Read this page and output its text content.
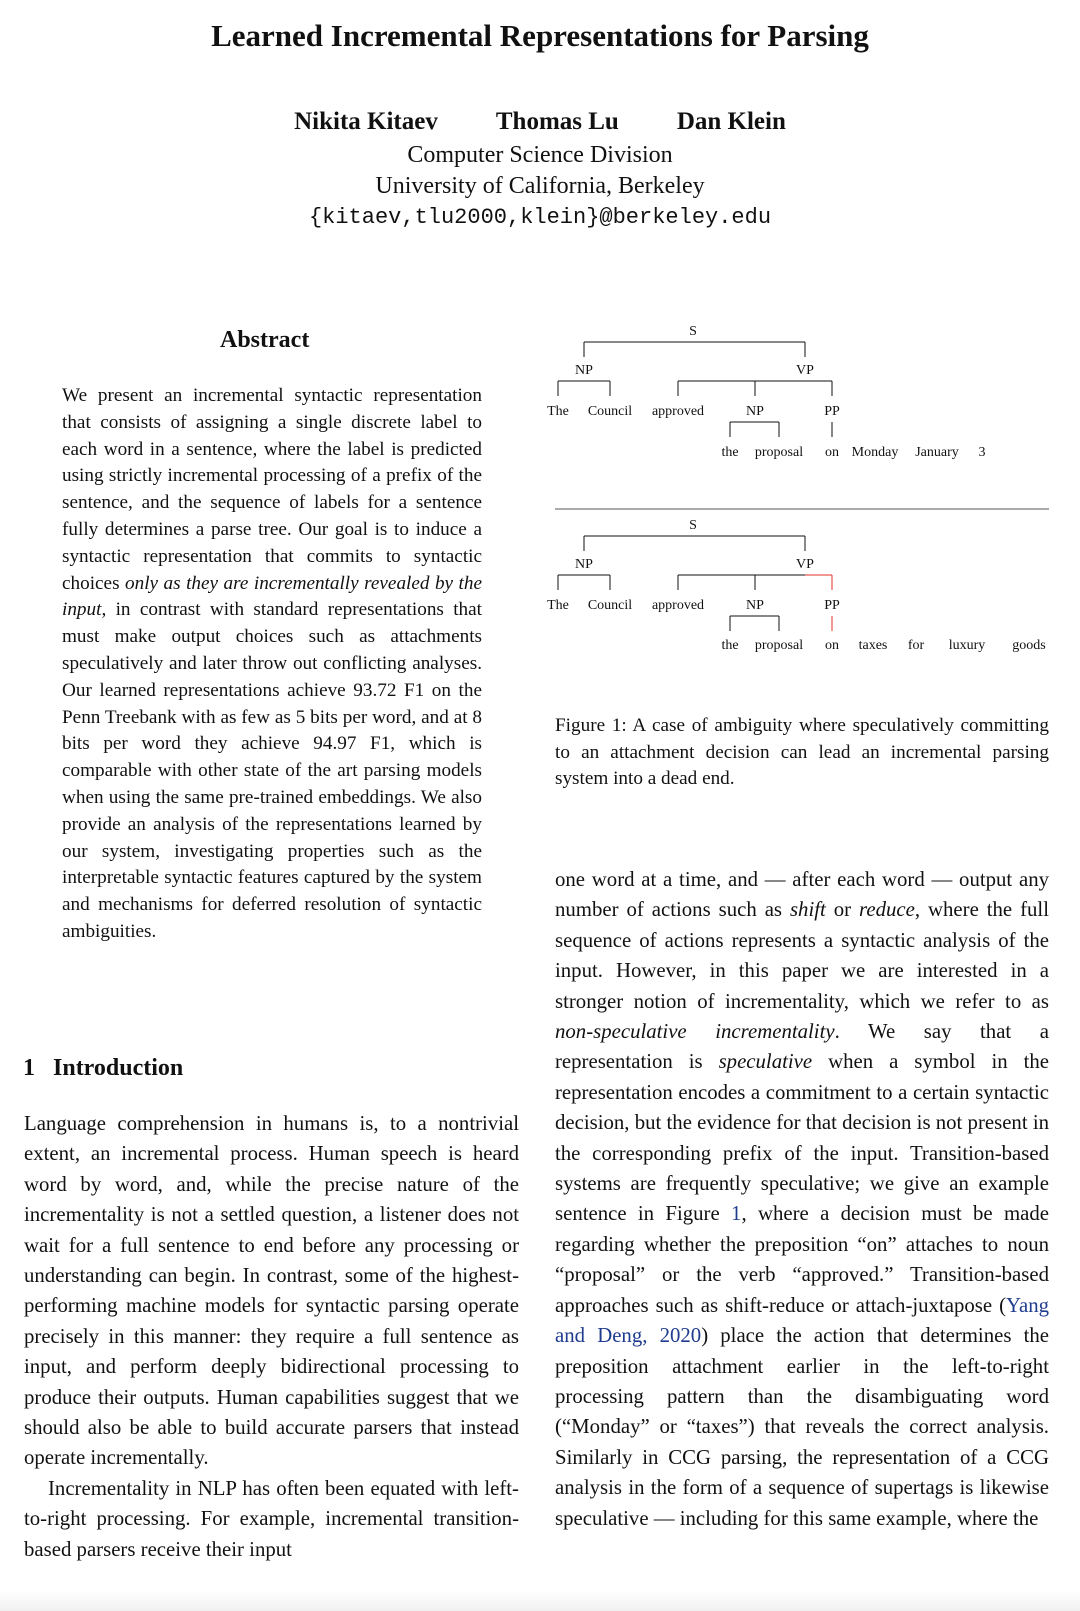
Learned Incremental Representations for Parsing
Nikita Kitaev Thomas Lu Dan Klein
Computer Science Division
University of California, Berkeley
{kitaev,tlu2000,klein}@berkeley.edu
Abstract

We present an incremental syntactic representation that consists of assigning a single discrete label to each word in a sentence, where the label is predicted using strictly incremental processing of a prefix of the sentence, and the sequence of labels for a sentence fully determines a parse tree. Our goal is to induce a syntactic representation that commits to syntactic choices only as they are incrementally revealed by the input, in contrast with standard representations that must make output choices such as attachments speculatively and later throw out conflicting analyses. Our learned representations achieve 93.72 F1 on the Penn Treebank with as few as 5 bits per word, and at 8 bits per word they achieve 94.97 F1, which is comparable with other state of the art parsing models when using the same pre-trained embeddings. We also provide an analysis of the representations learned by our system, investigating properties such as the interpretable syntactic features captured by the system and mechanisms for deferred resolution of syntactic ambiguities.

1 Introduction

Language comprehension in humans is, to a nontrivial extent, an incremental process. Human speech is heard word by word, and, while the precise nature of the incrementality is not a settled question, a listener does not wait for a full sentence to end before any processing or understanding can begin. In contrast, some of the highest-performing machine models for syntactic parsing operate precisely in this manner: they require a full sentence as input, and perform deeply bidirectional processing to produce their outputs. Human capabilities suggest that we should also be able to build accurate parsers that instead operate incrementally.

Incrementality in NLP has often been equated with left-to-right processing. For example, incremental transition-based parsers receive their input

S
NP	VP
The Council approved	NP	PP
the proposal on Monday January 3
S
NP	VP
The Council approved	NP	PP
the proposal on taxes for luxury goods
Figure 1: A case of ambiguity where speculatively committing to an attachment decision can lead an incremental parsing system into a dead end.

one word at a time, and — after each word — output any number of actions such as shift or reduce, where the full sequence of actions represents a syntactic analysis of the input. However, in this paper we are interested in a stronger notion of incrementality, which we refer to as non-speculative incrementality. We say that a representation is speculative when a symbol in the representation encodes a commitment to a certain syntactic decision, but the evidence for that decision is not present in the corresponding prefix of the input. Transition-based systems are frequently speculative; we give an example sentence in Figure 1, where a decision must be made regarding whether the preposition “on” attaches to noun “proposal” or the verb “approved.” Transition-based approaches such as shift-reduce or attach-juxtapose (Yang and Deng, 2020) place the action that determines the preposition attachment earlier in the left-to-right processing pattern than the disambiguating word (“Monday” or “taxes”) that reveals the correct analysis. Similarly in CCG parsing, the representation of a CCG analysis in the form of a sequence of supertags is likewise speculative — including for this same example, where the
